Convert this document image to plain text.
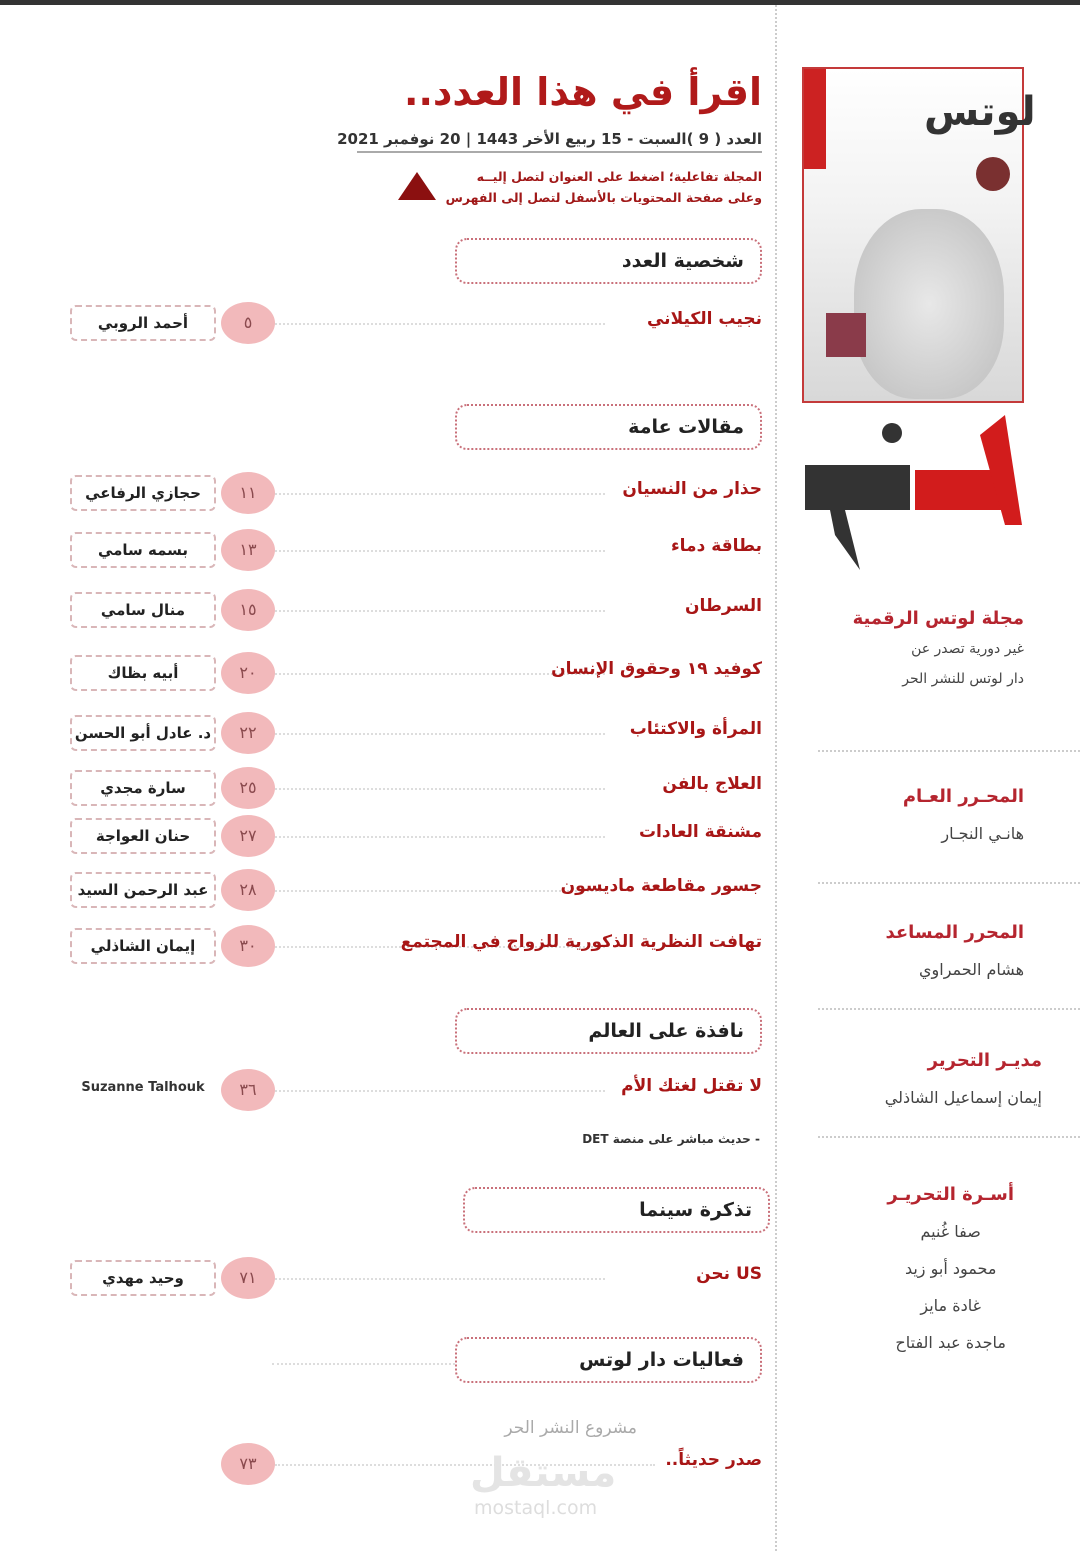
اقرأ في هذا العدد..
العدد ( 9 )السبت - 15 ربيع الأخر 1443 | 20 نوفمبر 2021
المجلة تفاعلية؛ اضغط على العنوان لتصل إليــه
وعلى صفحة المحتويات بالأسفل لتصل إلى الفهرس
شخصية العدد
نجيب الكيلاني
٥
أحمد الروبي
مقالات عامة
حذار من النسيان
١١
حجازي الرفاعي
بطاقة دماء
١٣
بسمه سامي
السرطان
١٥
منال سامي
كوفيد ١٩ وحقوق الإنسان
٢٠
أبيه بظاك
المرأة والاكتئاب
٢٢
د. عادل أبو الحسن
العلاج بالفن
٢٥
سارة مجدي
مشنقة العادات
٢٧
حنان العواجة
جسور مقاطعة ماديسون
٢٨
عبد الرحمن السيد
تهافت النظرية الذكورية للزواج في المجتمع
٣٠
إيمان الشاذلي
نافذة على العالم
لا تقتل لغتك الأم
٣٦
Suzanne Talhouk
- حديث مباشر على منصة DET
تذكرة سينما
US نحن
٧١
وحيد مهدي
فعاليات دار لوتس
صدر حديثاً..
٧٣
مشروع النشر الحر
لوتس
مجلة لوتس الرقمية

غير دورية تصدر عن

دار لوتس للنشر الحر

المحـرر العـام
هانـي النجـار
المحرر المساعد
هشام الحمراوي
مديـر التحرير
إيمان إسماعيل الشاذلي
أسـرة التحريـر
صفا غُنيم
محمود أبو زيد
غادة مايز
ماجدة عبد الفتاح
مستقل
mostaql.com
